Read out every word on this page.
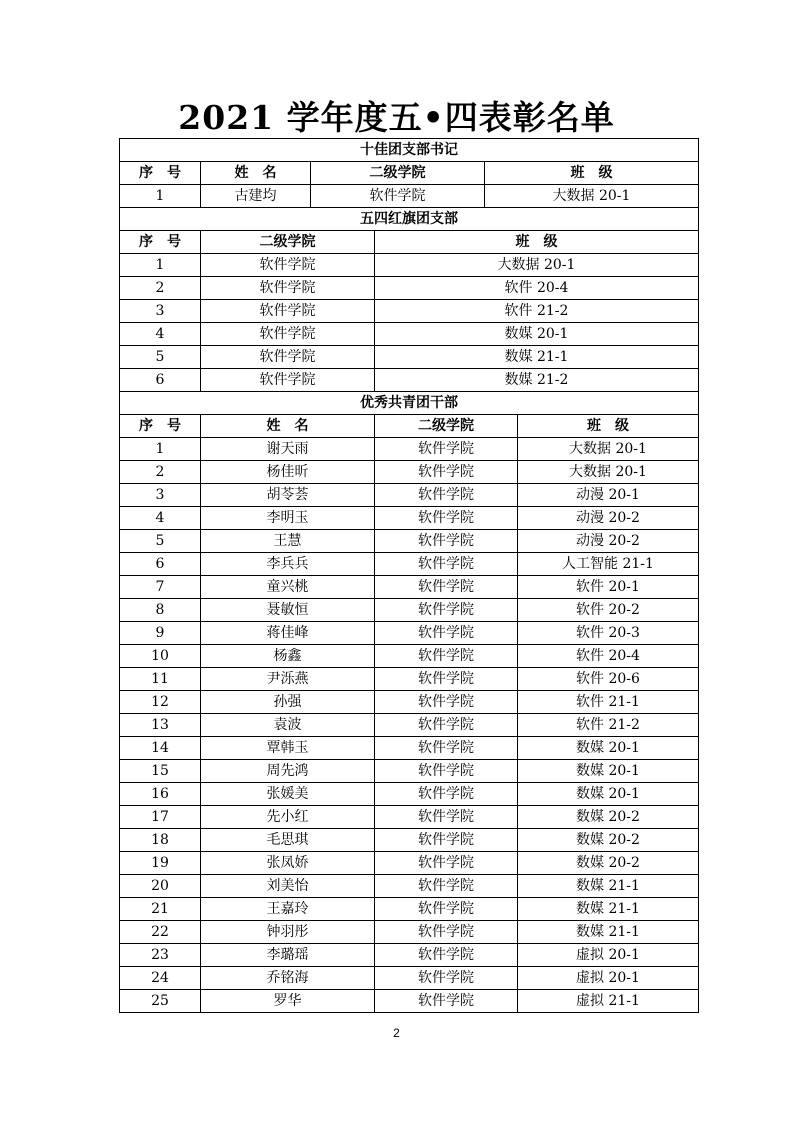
2021 学年度五•四表彰名单
十佳团支部书记					
序　号	姓　名	二级学院		班　级	
1	古建均	软件学院		大数据 20-1	
五四红旗团支部					
序　号	二级学院		班　级		
1	软件学院		大数据 20-1		
2	软件学院		软件 20-4		
3	软件学院		软件 21-2		
4	软件学院		数媒 20-1		
5	软件学院		数媒 21-1		
6	软件学院		数媒 21-2		
优秀共青团干部					
序　号	姓　名		二级学院		班　级
1	谢天雨		软件学院		大数据 20-1
2	杨佳昕		软件学院		大数据 20-1
3	胡苓荟		软件学院		动漫 20-1
4	李明玉		软件学院		动漫 20-2
5	王慧		软件学院		动漫 20-2
6	李兵兵		软件学院		人工智能 21-1
7	童兴桃		软件学院		软件 20-1
8	聂敏恒		软件学院		软件 20-2
9	蒋佳峰		软件学院		软件 20-3
10	杨鑫		软件学院		软件 20-4
11	尹泺燕		软件学院		软件 20-6
12	孙强		软件学院		软件 21-1
13	袁波		软件学院		软件 21-2
14	覃韩玉		软件学院		数媒 20-1
15	周先鸿		软件学院		数媒 20-1
16	张媛美		软件学院		数媒 20-1
17	先小红		软件学院		数媒 20-2
18	毛思琪		软件学院		数媒 20-2
19	张凤娇		软件学院		数媒 20-2
20	刘美怡		软件学院		数媒 21-1
21	王嘉玲		软件学院		数媒 21-1
22	钟羽彤		软件学院		数媒 21-1
23	李璐瑶		软件学院		虚拟 20-1
24	乔铭海		软件学院		虚拟 20-1
25	罗华		软件学院		虚拟 21-1
2
